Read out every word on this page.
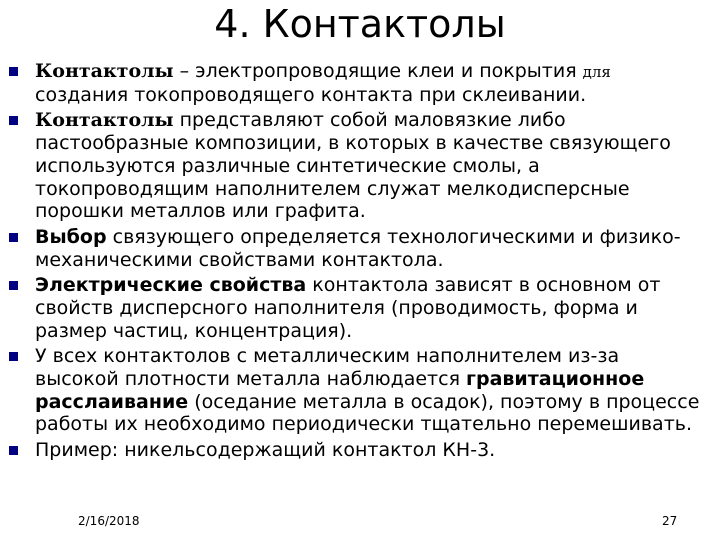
4. Контактолы
Контактолы – электропроводящие клеи и покрытия для создания токопроводящего контакта при склеивании.
Контактолы представляют собой маловязкие либо пастообразные композиции, в которых в качестве связующего используются различные синтетические смолы, а токопроводящим наполнителем служат мелкодисперсные порошки металлов или графита.
Выбор связующего определяется технологическими и физико-механическими свойствами контактола.
Электрические свойства контактола зависят в основном от свойств дисперсного наполнителя (проводимость, форма и размер частиц, концентрация).
У всех контактолов с металлическим наполнителем из-за высокой плотности металла наблюдается гравитационное расслаивание (оседание металла в осадок), поэтому в процессе работы их необходимо периодически тщательно перемешивать.
Пример: никельсодержащий контактол КН-3.
2/16/2018	27
